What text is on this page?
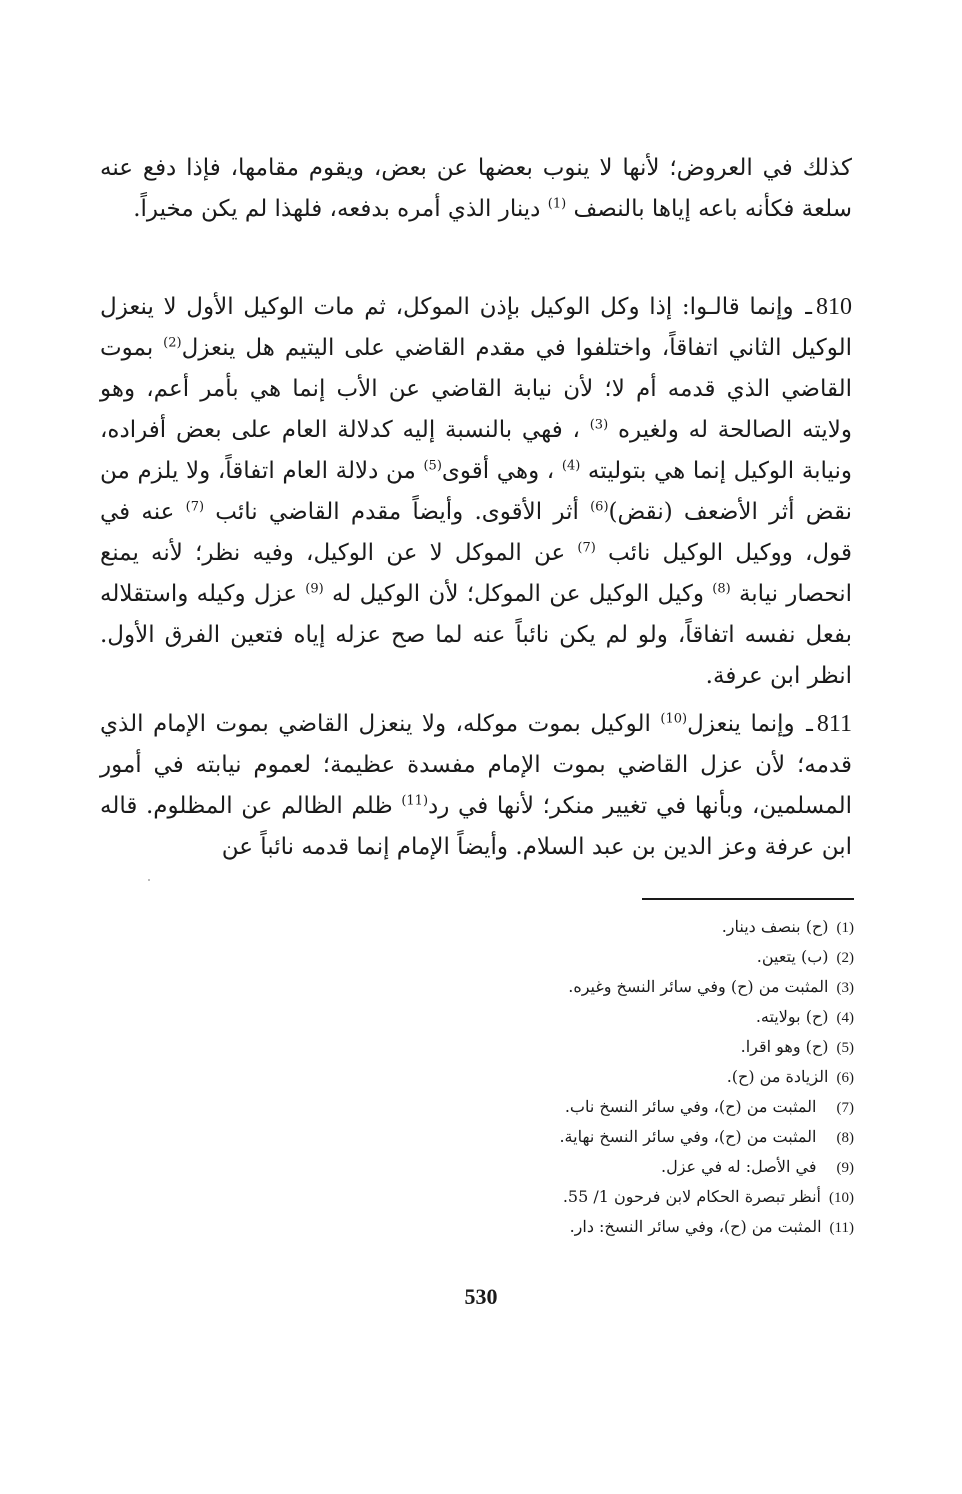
كذلك في العروض؛ لأنها لا ينوب بعضها عن بعض، ويقوم مقامها، فإذا دفع عنه سلعة فكأنه باعه إياها بالنصف $^{(1)}$ دينار الذي أمره بدفعه، فلهذا لم يكن مخيراً.
810ـ وإنما قالـوا: إذا وكل الوكيل بإذن الموكل، ثم مات الوكيل الأول لا ينعزل الوكيل الثاني اتفاقاً، واختلفوا في مقدم القاضي على اليتيم هل ينعزل$^{(2)}$ بموت القاضي الذي قدمه أم لا؛ لأن نيابة القاضي عن الأب إنما هي بأمر أعم، وهو ولايته الصالحة له ولغيره $^{(3)}$ ، فهي بالنسبة إليه كدلالة العام على بعض أفراده، ونيابة الوكيل إنما هي بتوليته $^{(4)}$ ، وهي أقوى$^{(5)}$ من دلالة العام اتفاقاً، ولا يلزم من نقض أثر الأضعف (نقض)$^{(6)}$ أثر الأقوى. وأيضاً مقدم القاضي نائب $^{(7)}$ عنه في قول، ووكيل الوكيل نائب $^{(7)}$ عن الموكل لا عن الوكيل، وفيه نظر؛ لأنه يمنع انحصار نيابة $^{(8)}$ وكيل الوكيل عن الموكل؛ لأن الوكيل له $^{(9)}$ عزل وكيله واستقلاله بفعل نفسه اتفاقاً، ولو لم يكن نائباً عنه لما صح عزله إياه فتعين الفرق الأول. انظر ابن عرفة.
811ـ وإنما ينعزل$^{(10)}$ الوكيل بموت موكله، ولا ينعزل القاضي بموت الإمام الذي قدمه؛ لأن عزل القاضي بموت الإمام مفسدة عظيمة؛ لعموم نيابته في أمور المسلمين، وبأنها في تغيير منكر؛ لأنها في رد$^{(11)}$ ظلم الظالم عن المظلوم. قاله ابن عرفة وعز الدين بن عبد السلام. وأيضاً الإمام إنما قدمه نائباً عن
(1)(ح) بنصف دينار.
(2)(ب) يتعين.
(3)المثبت من (ح) وفي سائر النسخ وغيره.
(4)(ح) بولايته.
(5)(ح) وهو اقرا.
(6)الزيادة من (ح).
(7)المثبت من (ح)، وفي سائر النسخ ناب.
(8)المثبت من (ح)، وفي سائر النسخ نهاية.
(9)في الأصل: له في عزل.
(10)أنظر تبصرة الحكام لابن فرحون 1/ 55.
(11)المثبت من (ح)، وفي سائر النسخ: دار.
530
